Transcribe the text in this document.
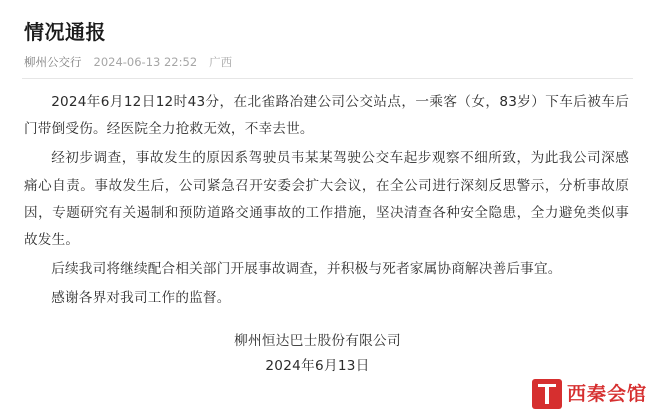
情况通报
柳州公交行 2024-06-13 22:52 广西

2024年6月12日12时43分，在北雀路冶建公司公交站点，一乘客（女，83岁）下车后被车后门带倒受伤。经医院全力抢救无效，不幸去世。

经初步调查，事故发生的原因系驾驶员韦某某驾驶公交车起步观察不细所致，为此我公司深感痛心自责。事故发生后，公司紧急召开安委会扩大会议，在全公司进行深刻反思警示，分析事故原因，专题研究有关遏制和预防道路交通事故的工作措施，坚决清查各种安全隐患，全力避免类似事故发生。

后续我司将继续配合相关部门开展事故调查，并积极与死者家属协商解决善后事宜。

感谢各界对我司工作的监督。

柳州恒达巴士股份有限公司
2024年6月13日
西秦会馆
